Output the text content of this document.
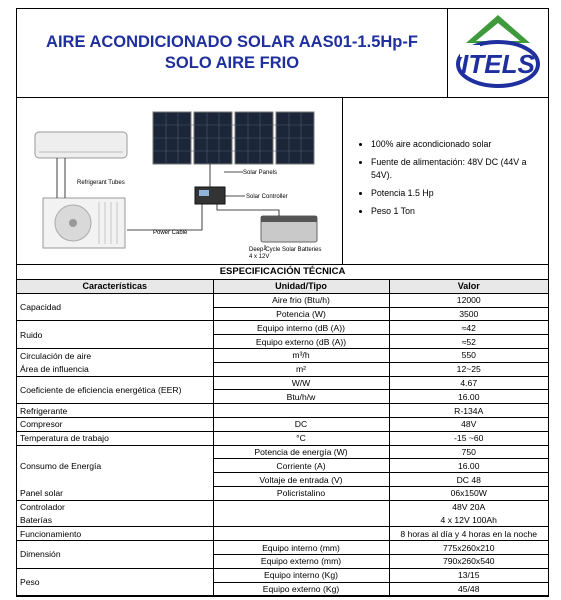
AIRE ACONDICIONADO SOLAR AAS01-1.5Hp-F
SOLO AIRE FRIO	ITELS
Solar Panels
Solar Controller
Refrigerant Tubes
Power Cable
Deep-Cycle Solar Batteries
4 x 12V
• 100% aire acondicionado solar
• Fuente de alimentación: 48V DC (44V a 54V).
• Potencia 1.5 Hp
• Peso 1 Ton
ESPECIFICACIÓN TÉCNICA
Características	Unidad/Tipo	Valor
Capacidad	Aire frio (Btu/h)	12000
	Potencia (W)	3500
Ruido	Equipo interno (dB (A))	≈42
	Equipo externo (dB (A))	≈52
Circulación de aire	m³/h	550
Área de influencia	m²	12~25
Coeficiente de eficiencia energética (EER)	W/W	4.67
	Btu/h/w	16.00
Refrigerante		R-134A
Compresor	DC	48V
Temperatura de trabajo	°C	-15 ~60
Consumo de Energía	Potencia de energía (W)	750
	Corriente (A)	16.00
	Voltaje de entrada (V)	DC 48
Panel solar	Policristalino	06x150W
Controlador		48V 20A
Baterías		4 x 12V 100Ah
Funcionamiento		8 horas al día y 4 horas en la noche
Dimensión	Equipo interno (mm)	775x260x210
	Equipo externo (mm)	790x260x540
Peso	Equipo interno (Kg)	13/15
	Equipo externo (Kg)	45/48
